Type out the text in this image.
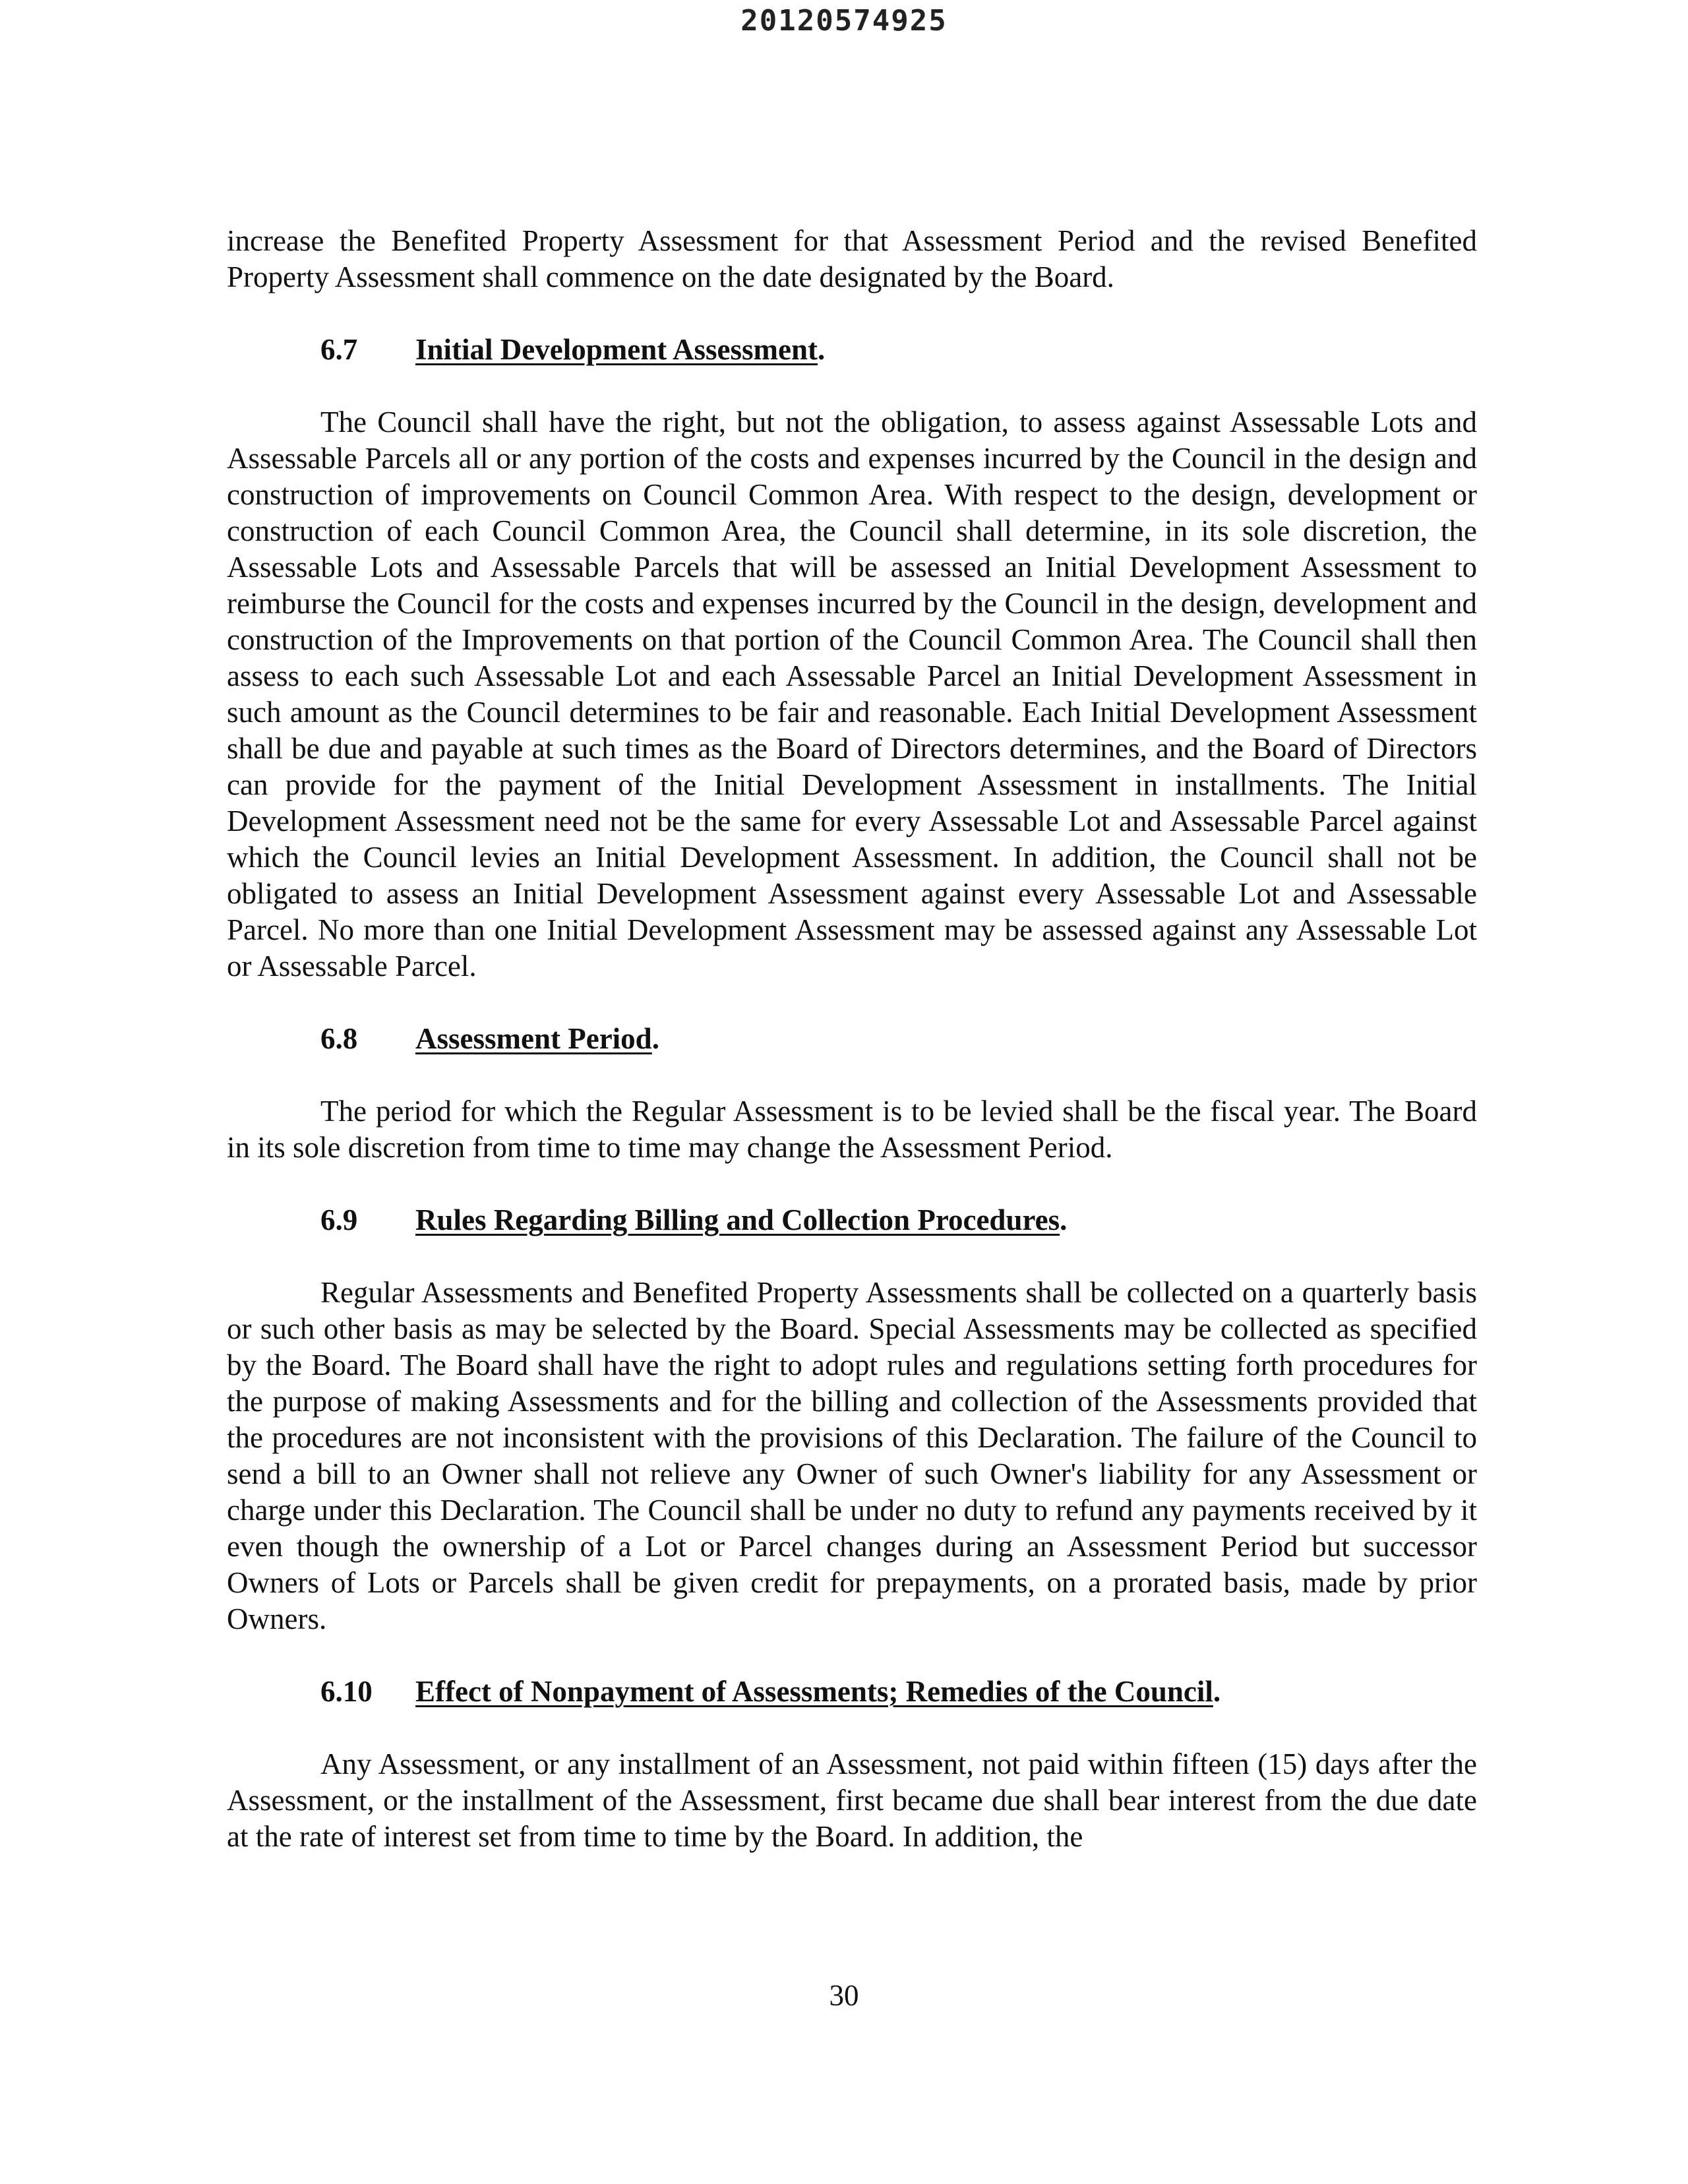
20120574925

increase the Benefited Property Assessment for that Assessment Period and the revised Benefited Property Assessment shall commence on the date designated by the Board.

6.7	Initial Development Assessment.

The Council shall have the right, but not the obligation, to assess against Assessable Lots and Assessable Parcels all or any portion of the costs and expenses incurred by the Council in the design and construction of improvements on Council Common Area. With respect to the design, development or construction of each Council Common Area, the Council shall determine, in its sole discretion, the Assessable Lots and Assessable Parcels that will be assessed an Initial Development Assessment to reimburse the Council for the costs and expenses incurred by the Council in the design, development and construction of the Improvements on that portion of the Council Common Area. The Council shall then assess to each such Assessable Lot and each Assessable Parcel an Initial Development Assessment in such amount as the Council determines to be fair and reasonable. Each Initial Development Assessment shall be due and payable at such times as the Board of Directors determines, and the Board of Directors can provide for the payment of the Initial Development Assessment in installments. The Initial Development Assessment need not be the same for every Assessable Lot and Assessable Parcel against which the Council levies an Initial Development Assessment. In addition, the Council shall not be obligated to assess an Initial Development Assessment against every Assessable Lot and Assessable Parcel. No more than one Initial Development Assessment may be assessed against any Assessable Lot or Assessable Parcel.

6.8	Assessment Period.

The period for which the Regular Assessment is to be levied shall be the fiscal year. The Board in its sole discretion from time to time may change the Assessment Period.

6.9	Rules Regarding Billing and Collection Procedures.

Regular Assessments and Benefited Property Assessments shall be collected on a quarterly basis or such other basis as may be selected by the Board. Special Assessments may be collected as specified by the Board. The Board shall have the right to adopt rules and regulations setting forth procedures for the purpose of making Assessments and for the billing and collection of the Assessments provided that the procedures are not inconsistent with the provisions of this Declaration. The failure of the Council to send a bill to an Owner shall not relieve any Owner of such Owner's liability for any Assessment or charge under this Declaration. The Council shall be under no duty to refund any payments received by it even though the ownership of a Lot or Parcel changes during an Assessment Period but successor Owners of Lots or Parcels shall be given credit for prepayments, on a prorated basis, made by prior Owners.

6.10	Effect of Nonpayment of Assessments; Remedies of the Council.

Any Assessment, or any installment of an Assessment, not paid within fifteen (15) days after the Assessment, or the installment of the Assessment, first became due shall bear interest from the due date at the rate of interest set from time to time by the Board. In addition, the

30
